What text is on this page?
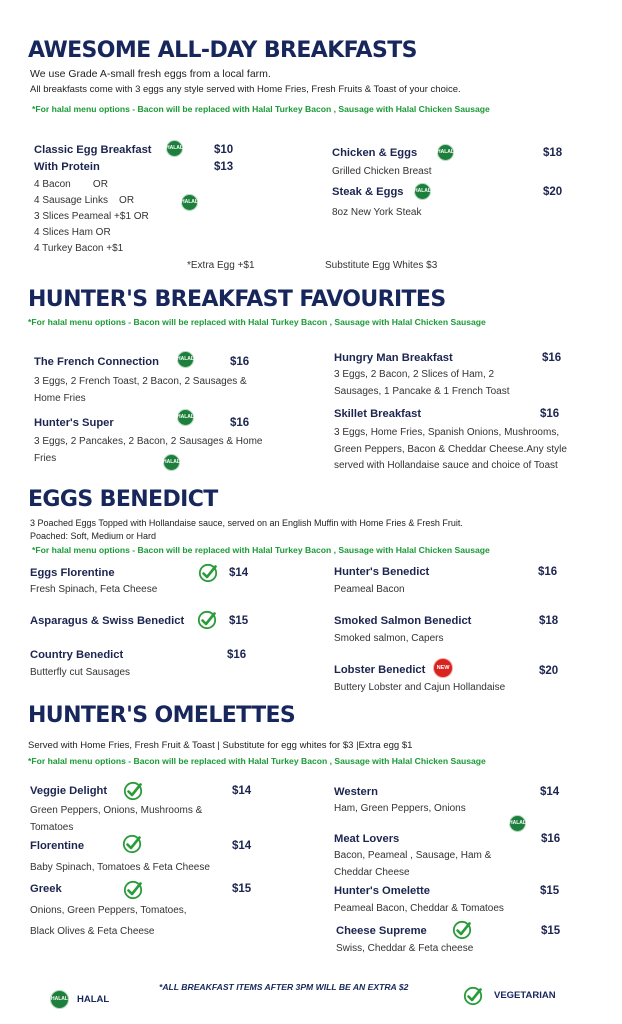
AWESOME ALL-DAY BREAKFASTS
We use Grade A-small fresh eggs from a local farm.
All breakfasts come with 3 eggs any style served with Home Fries, Fresh Fruits & Toast of your choice.
*For halal menu options - Bacon will be replaced with Halal Turkey Bacon , Sausage with Halal Chicken Sausage
Classic Egg Breakfast	HALAL	$10
With Protein	$13
4 Bacon        OR
4 Sausage Links    OR	HALAL
3 Slices Peameal +$1 OR
4 Slices Ham OR
4 Turkey Bacon +$1
Chicken & Eggs	HALAL	$18
Grilled Chicken Breast
Steak & Eggs HALAL	$20
8oz New York Steak
*Extra Egg +$1	Substitute Egg Whites $3
HUNTER'S BREAKFAST FAVOURITES
*For halal menu options - Bacon will be replaced with Halal Turkey Bacon , Sausage with Halal Chicken Sausage
The French Connection	HALAL	$16
3 Eggs, 2 French Toast, 2 Bacon, 2 Sausages & Home Fries
Hunter's Super	HALAL	$16
3 Eggs, 2 Pancakes, 2 Bacon, 2 Sausages & Home Fries	HALAL
Hungry Man Breakfast	$16
3 Eggs, 2 Bacon, 2 Slices of Ham, 2 Sausages, 1 Pancake & 1 French Toast
Skillet Breakfast	$16
3 Eggs, Home Fries, Spanish Onions, Mushrooms, Green Peppers, Bacon & Cheddar Cheese.Any style served with Hollandaise sauce and choice of Toast
EGGS BENEDICT
3 Poached Eggs Topped with Hollandaise sauce, served on an English Muffin with Home Fries & Fresh Fruit.
Poached: Soft, Medium or Hard
*For halal menu options - Bacon will be replaced with Halal Turkey Bacon , Sausage with Halal Chicken Sausage
Eggs Florentine	$14
Fresh Spinach, Feta Cheese
Asparagus & Swiss Benedict	$15
Country Benedict	$16
Butterfly cut Sausages
Hunter's Benedict	$16
Peameal Bacon
Smoked Salmon Benedict	$18
Smoked salmon, Capers
Lobster Benedict NEW	$20
Buttery Lobster and Cajun Hollandaise
HUNTER'S OMELETTES
Served with Home Fries, Fresh Fruit & Toast | Substitute for egg whites for $3 |Extra egg $1
*For halal menu options - Bacon will be replaced with Halal Turkey Bacon , Sausage with Halal Chicken Sausage
Veggie Delight	$14
Green Peppers, Onions, Mushrooms & Tomatoes
Florentine	$14
Baby Spinach, Tomatoes & Feta Cheese
Greek	$15
Onions, Green Peppers, Tomatoes,
Black Olives & Feta Cheese
Western	$14
Ham, Green Peppers, Onions
HALAL
Meat Lovers	$16
Bacon, Peameal , Sausage, Ham & Cheddar Cheese
Hunter's Omelette	$15
Peameal Bacon, Cheddar & Tomatoes
Cheese Supreme	$15
Swiss, Cheddar & Feta cheese
*ALL BREAKFAST ITEMS AFTER 3PM WILL BE AN EXTRA $2
HALAL HALAL	VEGETARIAN
